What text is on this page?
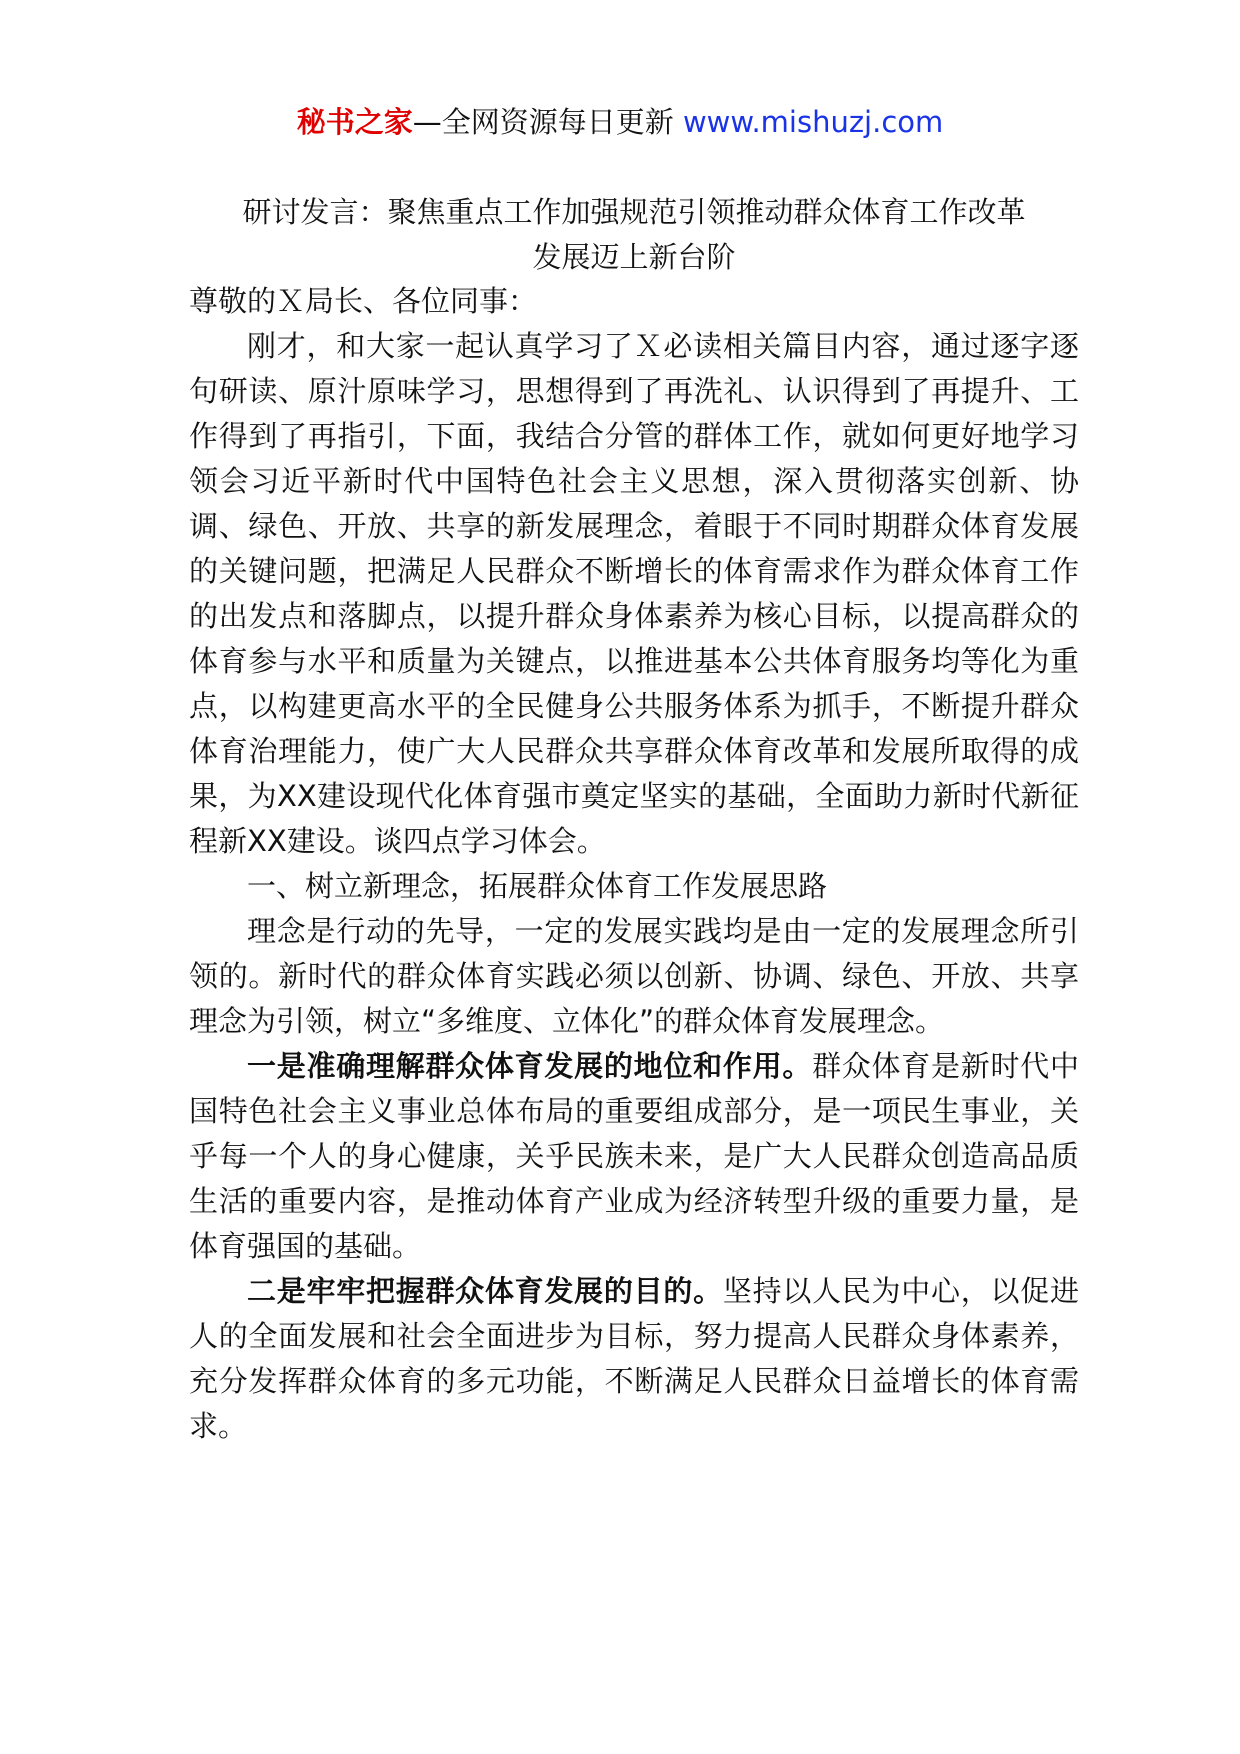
秘书之家—全网资源每日更新 www.mishuzj.com
研讨发言：聚焦重点工作加强规范引领推动群众体育工作改革
发展迈上新台阶

尊敬的Ｘ局长、各位同事：

刚才，和大家一起认真学习了Ｘ必读相关篇目内容，通过逐字逐句研读、原汁原味学习，思想得到了再洗礼、认识得到了再提升、工作得到了再指引，下面，我结合分管的群体工作，就如何更好地学习领会习近平新时代中国特色社会主义思想，深入贯彻落实创新、协调、绿色、开放、共享的新发展理念，着眼于不同时期群众体育发展的关键问题，把满足人民群众不断增长的体育需求作为群众体育工作的出发点和落脚点，以提升群众身体素养为核心目标，以提高群众的体育参与水平和质量为关键点，以推进基本公共体育服务均等化为重点，以构建更高水平的全民健身公共服务体系为抓手，不断提升群众体育治理能力，使广大人民群众共享群众体育改革和发展所取得的成果，为XX建设现代化体育强市奠定坚实的基础，全面助力新时代新征程新XX建设。谈四点学习体会。

一、树立新理念，拓展群众体育工作发展思路

理念是行动的先导，一定的发展实践均是由一定的发展理念所引领的。新时代的群众体育实践必须以创新、协调、绿色、开放、共享理念为引领，树立“多维度、立体化”的群众体育发展理念。

一是准确理解群众体育发展的地位和作用。群众体育是新时代中国特色社会主义事业总体布局的重要组成部分，是一项民生事业，关乎每一个人的身心健康，关乎民族未来，是广大人民群众创造高品质生活的重要内容，是推动体育产业成为经济转型升级的重要力量，是体育强国的基础。

二是牢牢把握群众体育发展的目的。坚持以人民为中心，以促进人的全面发展和社会全面进步为目标，努力提高人民群众身体素养，充分发挥群众体育的多元功能，不断满足人民群众日益增长的体育需求。
